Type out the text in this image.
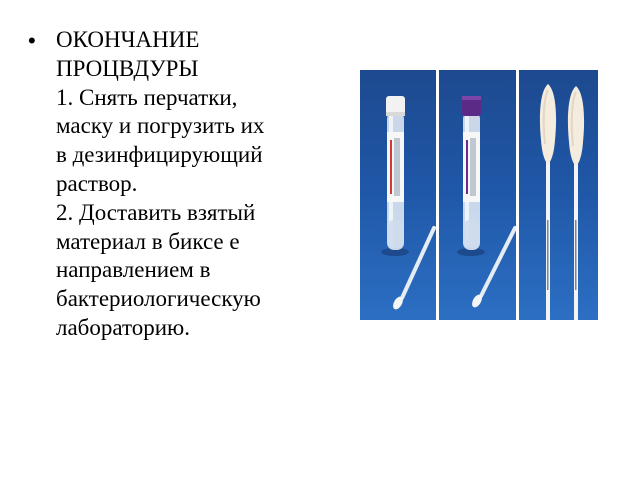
• ОКОНЧАНИЕ
ПРОЦВДУРЫ
1. Снять перчатки,
маску и погрузить их
в дезинфицирующий
раствор.
2. Доставить взятый
материал в биксе е
направлением в
бактериологическую
лабораторию.
